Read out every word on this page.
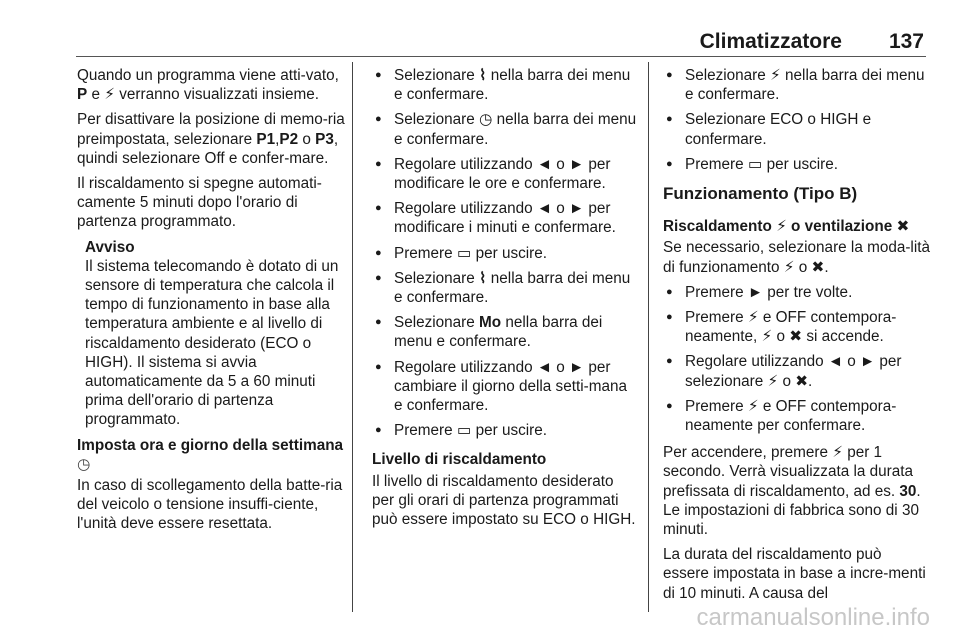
Climatizzatore 137

Quando un programma viene atti-vato, P e ⚡ verranno visualizzati insieme.

Per disattivare la posizione di memo-ria preimpostata, selezionare P1,P2 o P3, quindi selezionare Off e confer-mare.

Il riscaldamento si spegne automati-camente 5 minuti dopo l'orario di partenza programmato.

Avviso
Il sistema telecomando è dotato di un sensore di temperatura che calcola il tempo di funzionamento in base alla temperatura ambiente e al livello di riscaldamento desiderato (ECO o HIGH). Il sistema si avvia automaticamente da 5 a 60 minuti prima dell'orario di partenza programmato.
Imposta ora e giorno della settimana ◷

In caso di scollegamento della batte-ria del veicolo o tensione insuffi-ciente, l'unità deve essere resettata.

● Selezionare ⌇ nella barra dei menu e confermare.
● Selezionare ◷ nella barra dei menu e confermare.
● Regolare utilizzando ◄ o ► per modificare le ore e confermare.
● Regolare utilizzando ◄ o ► per modificare i minuti e confermare.
● Premere ▭ per uscire.
● Selezionare ⌇ nella barra dei menu e confermare.
● Selezionare Mo nella barra dei menu e confermare.
● Regolare utilizzando ◄ o ► per cambiare il giorno della setti-mana e confermare.
● Premere ▭ per uscire.
Livello di riscaldamento

Il livello di riscaldamento desiderato per gli orari di partenza programmati può essere impostato su ECO o HIGH.

● Selezionare ⚡ nella barra dei menu e confermare.
● Selezionare ECO o HIGH e confermare.
● Premere ▭ per uscire.
Funzionamento (Tipo B)
Riscaldamento ⚡ o ventilazione ✖

Se necessario, selezionare la moda-lità di funzionamento ⚡ o ✖.

● Premere ► per tre volte.
● Premere ⚡ e OFF contempora-neamente, ⚡ o ✖ si accende.
● Regolare utilizzando ◄ o ► per selezionare ⚡ o ✖.
● Premere ⚡ e OFF contempora-neamente per confermare.

Per accendere, premere ⚡ per 1 secondo. Verrà visualizzata la durata prefissata di riscaldamento, ad es. 30. Le impostazioni di fabbrica sono di 30 minuti.

La durata del riscaldamento può essere impostata in base a incre-menti di 10 minuti. A causa del

carmanualsonline.info
